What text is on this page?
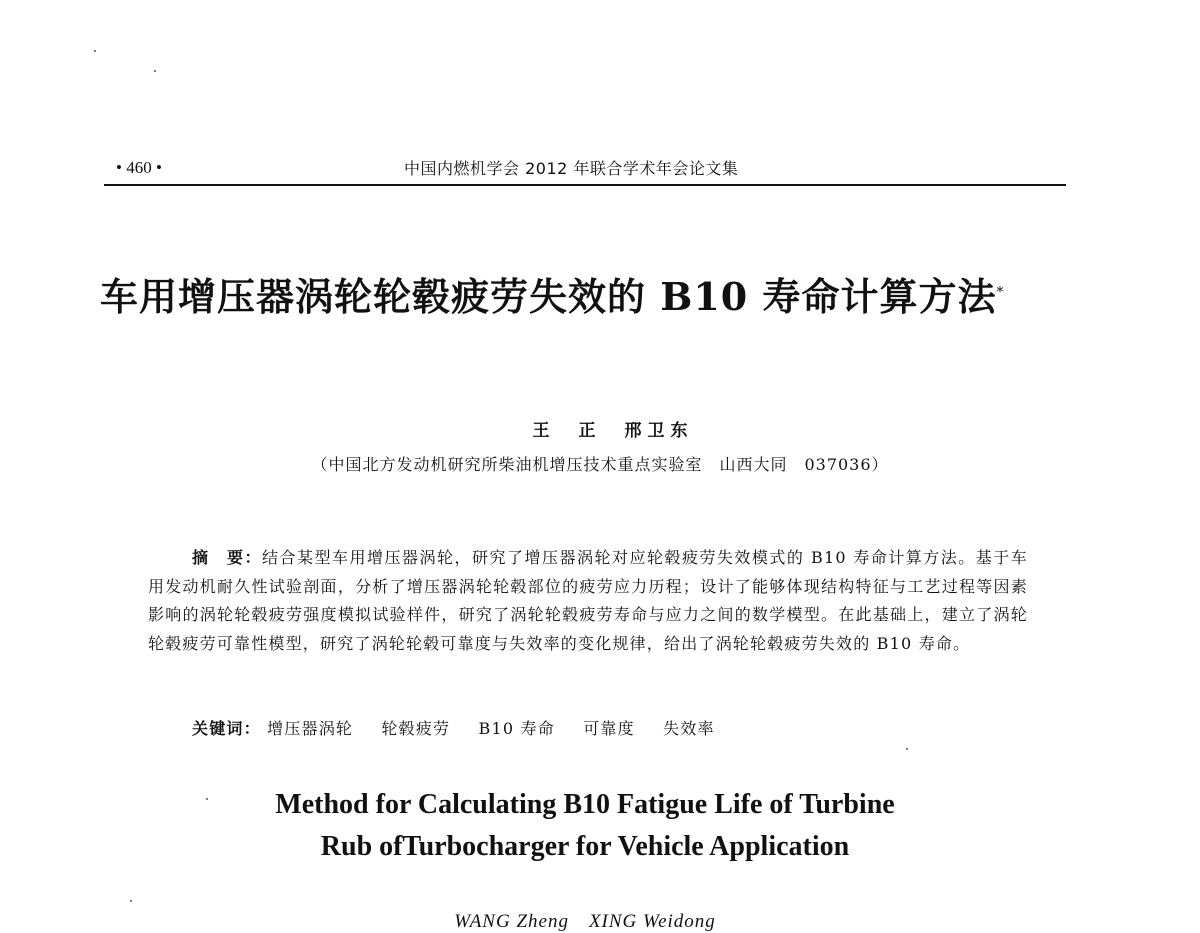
• 460 •	中国内燃机学会 2012 年联合学术年会论文集
车用增压器涡轮轮毂疲劳失效的 B10 寿命计算方法*
王　正　邢卫东
（中国北方发动机研究所柴油机增压技术重点实验室　山西大同　037036）
摘　要：结合某型车用增压器涡轮，研究了增压器涡轮对应轮毂疲劳失效模式的 B10 寿命计算方法。基于车用发动机耐久性试验剖面，分析了增压器涡轮轮毂部位的疲劳应力历程；设计了能够体现结构特征与工艺过程等因素影响的涡轮轮毂疲劳强度模拟试验样件，研究了涡轮轮毂疲劳寿命与应力之间的数学模型。在此基础上，建立了涡轮轮毂疲劳可靠性模型，研究了涡轮轮毂可靠度与失效率的变化规律，给出了涡轮轮毂疲劳失效的 B10 寿命。
关键词： 增压器涡轮 轮毂疲劳 B10 寿命 可靠度 失效率
Method for Calculating B10 Fatigue Life of Turbine
Rub ofTurbocharger for Vehicle Application
WANG Zheng　XING Weidong
